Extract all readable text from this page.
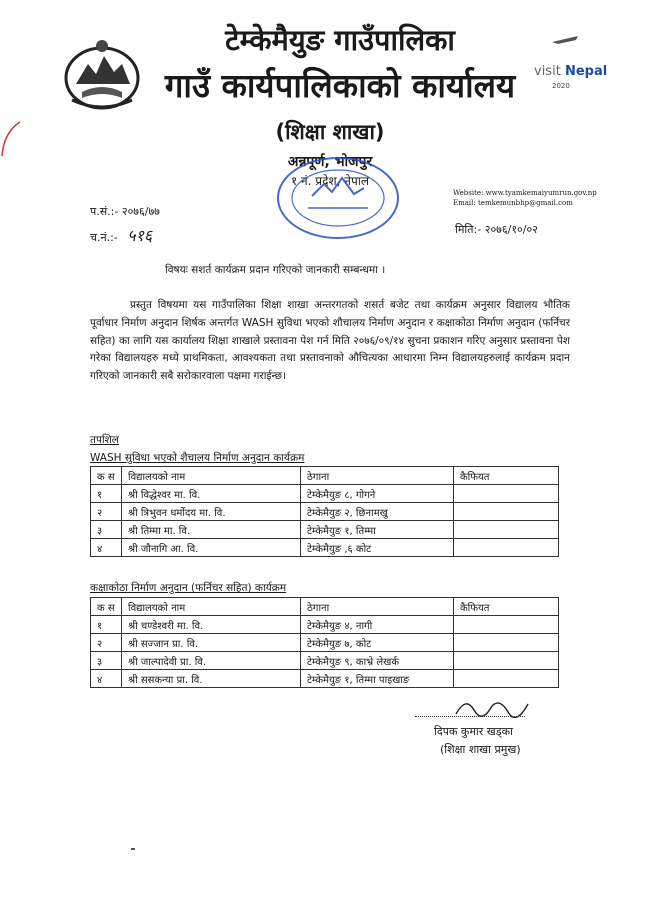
टेम्केमैयुङ गाउँपालिका
गाउँ कार्यपालिकाको कार्यालय	visit Nepal
2020
(शिक्षा शाखा)
अन्नपूर्ण, भोजपुर
१ नं. प्रदेश, नेपाल
Website: www.tyamkemaiyumrun.gov.np
Email: temkemunbhp@gmail.com
प.सं.:- २०७६/७७
च.नं.:- ५१६	मिति:- २०७६/१०/०२
विषयः सशर्त कार्यक्रम प्रदान गरिएको जानकारी सम्बन्धमा ।

प्रस्तुत विषयमा यस गाउँपालिका शिक्षा शाखा अन्तरगतको शसर्त बजेट तथा कार्यक्रम अनुसार विद्यालय भौतिक पूर्वाधार निर्माण अनुदान शिर्षक अन्तर्गत WASH सुविधा भएको शौचालय निर्माण अनुदान र कक्षाकोठा निर्माण अनुदान (फर्निचर सहित) का लागि यस कार्यालय शिक्षा शाखाले प्रस्तावना पेश गर्न मिति २०७६/०९/१४ सुचना प्रकाशन गरिए अनुसार प्रस्तावना पेश गरेका विद्यालयहरु मध्ये प्राथमिकता, आवश्यकता तथा प्रस्तावनाको औचित्यका आधारमा निम्न विद्यालयहरुलाई कार्यक्रम प्रदान गरिएको जानकारी सबै सरोकारवाला पक्षमा गराईन्छ।

तपशिल
WASH सुविधा भएको शैचालय निर्माण अनुदान कार्यक्रम
क स	विद्यालयको नाम	ठेगाना	कैफियत
१	श्री विद्धेश्वर मा. वि.	टेम्केमैयुङ ८, गोगने	
२	श्री त्रिभुवन धर्मोदय मा. वि.	टेम्केमैयुङ २, छिनामखु	
३	श्री तिम्मा मा. वि.	टेम्केमैयुङ १, तिम्मा	
४	श्री जौनागि आ. वि.	टेम्केमैयुङ ,६ कोट	
कक्षाकोठा निर्माण अनुदान (फर्निचर सहित) कार्यक्रम
क स	विद्यालयको नाम	ठेगाना	कैफियत
१	श्री चण्डेश्वरी मा. वि.	टेम्केमैयुङ ४, नागी	
२	श्री सज्जान प्रा. वि.	टेम्केमैयुङ ७, कोट	
३	श्री जाल्पादेवी प्रा. वि.	टेम्केमैयुङ ९, काभ्रे लेखर्क	
४	श्री ससकन्या प्रा. वि.	टेम्केमैयुङ १, तिम्मा पाइखाङ	
दिपक कुमार खड्का
(शिक्षा शाखा प्रमुख)
